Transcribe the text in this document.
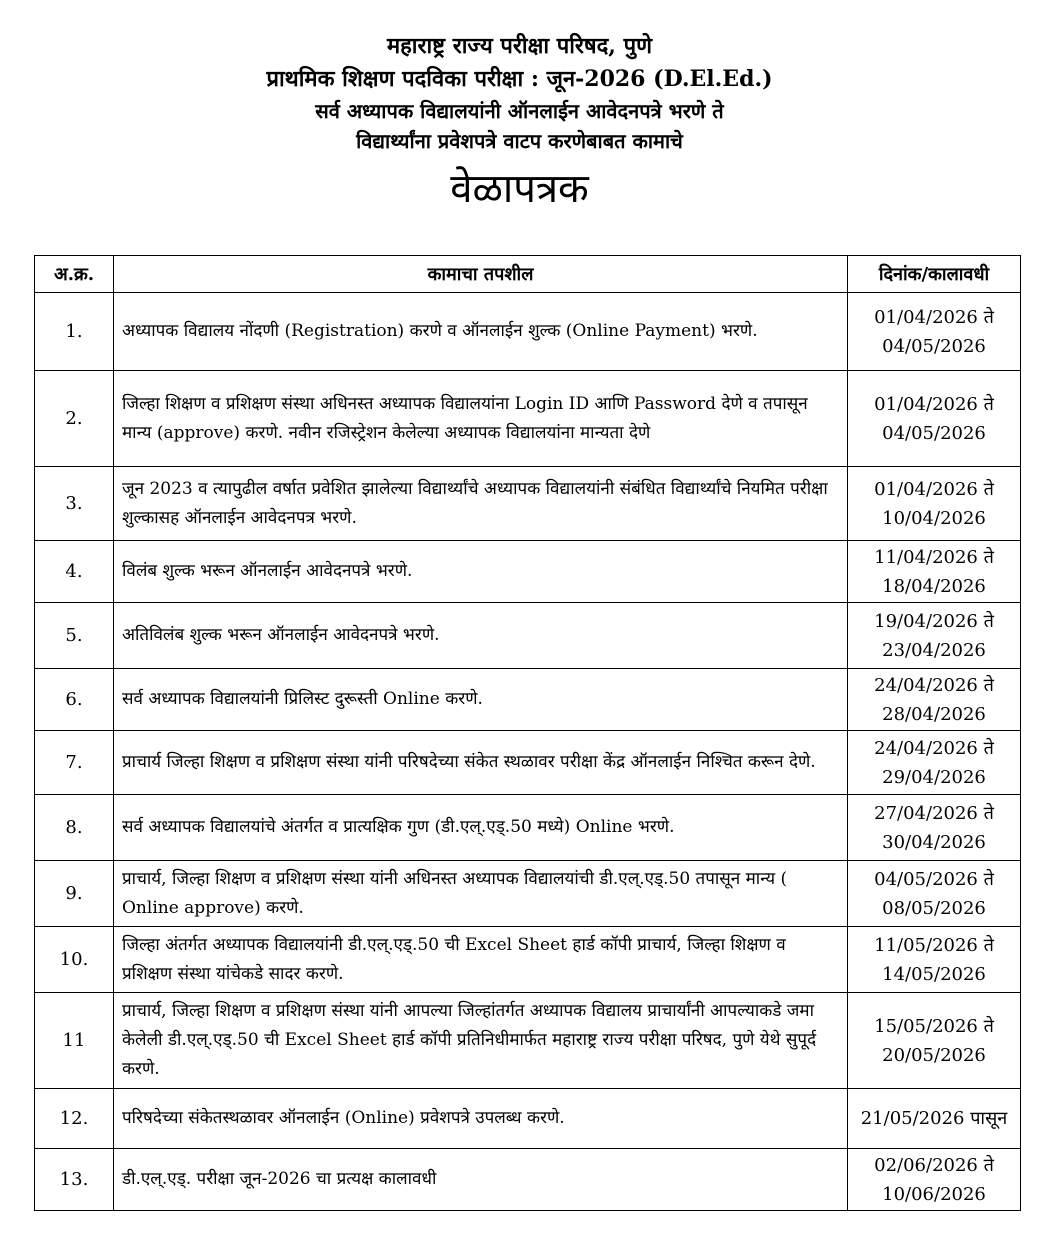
महाराष्ट्र राज्य परीक्षा परिषद, पुणे
प्राथमिक शिक्षण पदविका परीक्षा : जून-2026 (D.El.Ed.)
सर्व अध्यापक विद्यालयांनी ऑनलाईन आवेदनपत्रे भरणे ते
विद्यार्थ्यांना प्रवेशपत्रे वाटप करणेबाबत कामाचे
वेळापत्रक
अ.क्र.	कामाचा तपशील	दिनांक/कालावधी
1.	अध्यापक विद्यालय नोंदणी (Registration) करणे व ऑनलाईन शुल्क (Online Payment) भरणे.	01/04/2026 ते 04/05/2026
2.	जिल्हा शिक्षण व प्रशिक्षण संस्था अधिनस्त अध्यापक विद्यालयांना Login ID आणि Password देणे व तपासून मान्य (approve) करणे. नवीन रजिस्ट्रेशन केलेल्या अध्यापक विद्यालयांना मान्यता देणे	01/04/2026 ते 04/05/2026
3.	जून 2023 व त्यापुढील वर्षात प्रवेशित झालेल्या विद्यार्थ्यांचे अध्यापक विद्यालयांनी संबंधित विद्यार्थ्यांचे नियमित परीक्षा शुल्कासह ऑनलाईन आवेदनपत्र भरणे.	01/04/2026 ते 10/04/2026
4.	विलंब शुल्क भरून ऑनलाईन आवेदनपत्रे भरणे.	11/04/2026 ते 18/04/2026
5.	अतिविलंब शुल्क भरून ऑनलाईन आवेदनपत्रे भरणे.	19/04/2026 ते 23/04/2026
6.	सर्व अध्यापक विद्यालयांनी प्रिलिस्ट दुरूस्ती Online करणे.	24/04/2026 ते 28/04/2026
7.	प्राचार्य जिल्हा शिक्षण व प्रशिक्षण संस्था यांनी परिषदेच्या संकेत स्थळावर परीक्षा केंद्र ऑनलाईन निश्चित करून देणे.	24/04/2026 ते 29/04/2026
8.	सर्व अध्यापक विद्यालयांचे अंतर्गत व प्रात्यक्षिक गुण (डी.एल्.एड्.50 मध्ये) Online भरणे.	27/04/2026 ते 30/04/2026
9.	प्राचार्य, जिल्हा शिक्षण व प्रशिक्षण संस्था यांनी अधिनस्त अध्यापक विद्यालयांची डी.एल्.एड्.50 तपासून मान्य ( Online approve) करणे.	04/05/2026 ते 08/05/2026
10.	जिल्हा अंतर्गत अध्यापक विद्यालयांनी डी.एल्.एड्.50 ची Excel Sheet हार्ड कॉपी प्राचार्य, जिल्हा शिक्षण व प्रशिक्षण संस्था यांचेकडे सादर करणे.	11/05/2026 ते 14/05/2026
11	प्राचार्य, जिल्हा शिक्षण व प्रशिक्षण संस्था यांनी आपल्या जिल्हांतर्गत अध्यापक विद्यालय प्राचार्यांनी आपल्याकडे जमा केलेली डी.एल्.एड्.50 ची Excel Sheet हार्ड कॉपी प्रतिनिधीमार्फत महाराष्ट्र राज्य परीक्षा परिषद, पुणे येथे सुपूर्द करणे.	15/05/2026 ते 20/05/2026
12.	परिषदेच्या संकेतस्थळावर ऑनलाईन (Online) प्रवेशपत्रे उपलब्ध करणे.	21/05/2026 पासून
13.	डी.एल्.एड्. परीक्षा जून-2026 चा प्रत्यक्ष कालावधी	02/06/2026 ते 10/06/2026
